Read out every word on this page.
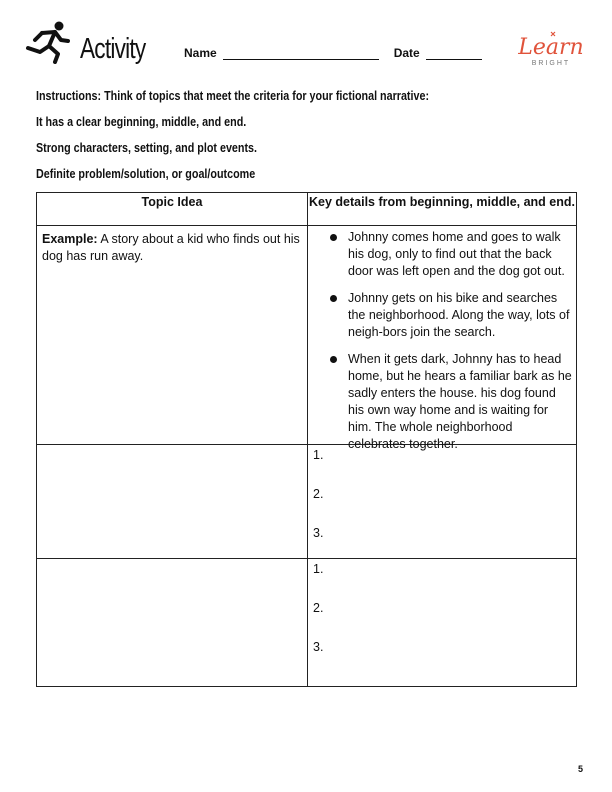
Activity	Name	Date	Learn
BRIGHT
Instructions: Think of topics that meet the criteria for your fictional narrative:
It has a clear beginning, middle, and end.
Strong characters, setting, and plot events.
Definite problem/solution, or goal/outcome
Topic Idea	Key details from beginning, middle, and end.
Example: A story about a kid who finds out his dog has run away.
Johnny comes home and goes to walk his dog, only to find out that the back door was left open and the dog got out.
Johnny gets on his bike and searches the neighborhood. Along the way, lots of neigh-bors join the search.
When it gets dark, Johnny has to head home, but he hears a familiar bark as he sadly enters the house. his dog found his own way home and is waiting for him. The whole neighborhood celebrates together.
1.
2.
3.
1.
2.
3.
5
